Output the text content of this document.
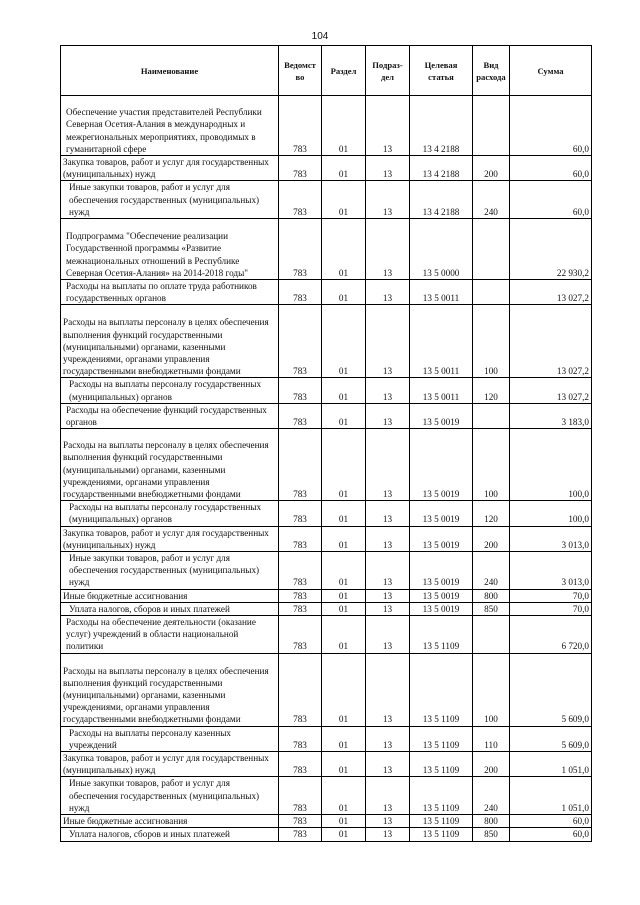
104
Наименование	Ведомст во	Раздел	Подраз- дел	Целевая статья	Вид расхода	Сумма
Обеспечение участия представителей Республики Северная Осетия-Алания в международных и межрегиональных мероприятиях, проводимых в гуманитарной сфере	783	01	13	13 4 2188		60,0
Закупка товаров, работ и услуг для государственных (муниципальных) нужд	783	01	13	13 4 2188	200	60,0
Иные закупки товаров, работ и услуг для обеспечения государственных (муниципальных) нужд	783	01	13	13 4 2188	240	60,0
Подпрограмма "Обеспечение реализации Государственной программы «Развитие межнациональных отношений в Республике Северная Осетия-Алания» на 2014-2018 годы"	783	01	13	13 5 0000		22 930,2
Расходы на выплаты по оплате труда работников государственных органов	783	01	13	13 5 0011		13 027,2
Расходы на выплаты персоналу в целях обеспечения выполнения функций государственными (муниципальными) органами, казенными учреждениями, органами управления государственными внебюджетными фондами	783	01	13	13 5 0011	100	13 027,2
Расходы на выплаты персоналу государственных (муниципальных) органов	783	01	13	13 5 0011	120	13 027,2
Расходы на обеспечение функций государственных органов	783	01	13	13 5 0019		3 183,0
Расходы на выплаты персоналу в целях обеспечения выполнения функций государственными (муниципальными) органами, казенными учреждениями, органами управления государственными внебюджетными фондами	783	01	13	13 5 0019	100	100,0
Расходы на выплаты персоналу государственных (муниципальных) органов	783	01	13	13 5 0019	120	100,0
Закупка товаров, работ и услуг для государственных (муниципальных) нужд	783	01	13	13 5 0019	200	3 013,0
Иные закупки товаров, работ и услуг для обеспечения государственных (муниципальных) нужд	783	01	13	13 5 0019	240	3 013,0
Иные бюджетные ассигнования	783	01	13	13 5 0019	800	70,0
Уплата налогов, сборов и иных платежей	783	01	13	13 5 0019	850	70,0
Расходы на обеспечение деятельности (оказание услуг) учреждений в области национальной политики	783	01	13	13 5 1109		6 720,0
Расходы на выплаты персоналу в целях обеспечения выполнения функций государственными (муниципальными) органами, казенными учреждениями, органами управления государственными внебюджетными фондами	783	01	13	13 5 1109	100	5 609,0
Расходы на выплаты персоналу казенных учреждений	783	01	13	13 5 1109	110	5 609,0
Закупка товаров, работ и услуг для государственных (муниципальных) нужд	783	01	13	13 5 1109	200	1 051,0
Иные закупки товаров, работ и услуг для обеспечения государственных (муниципальных) нужд	783	01	13	13 5 1109	240	1 051,0
Иные бюджетные ассигнования	783	01	13	13 5 1109	800	60,0
Уплата налогов, сборов и иных платежей	783	01	13	13 5 1109	850	60,0
